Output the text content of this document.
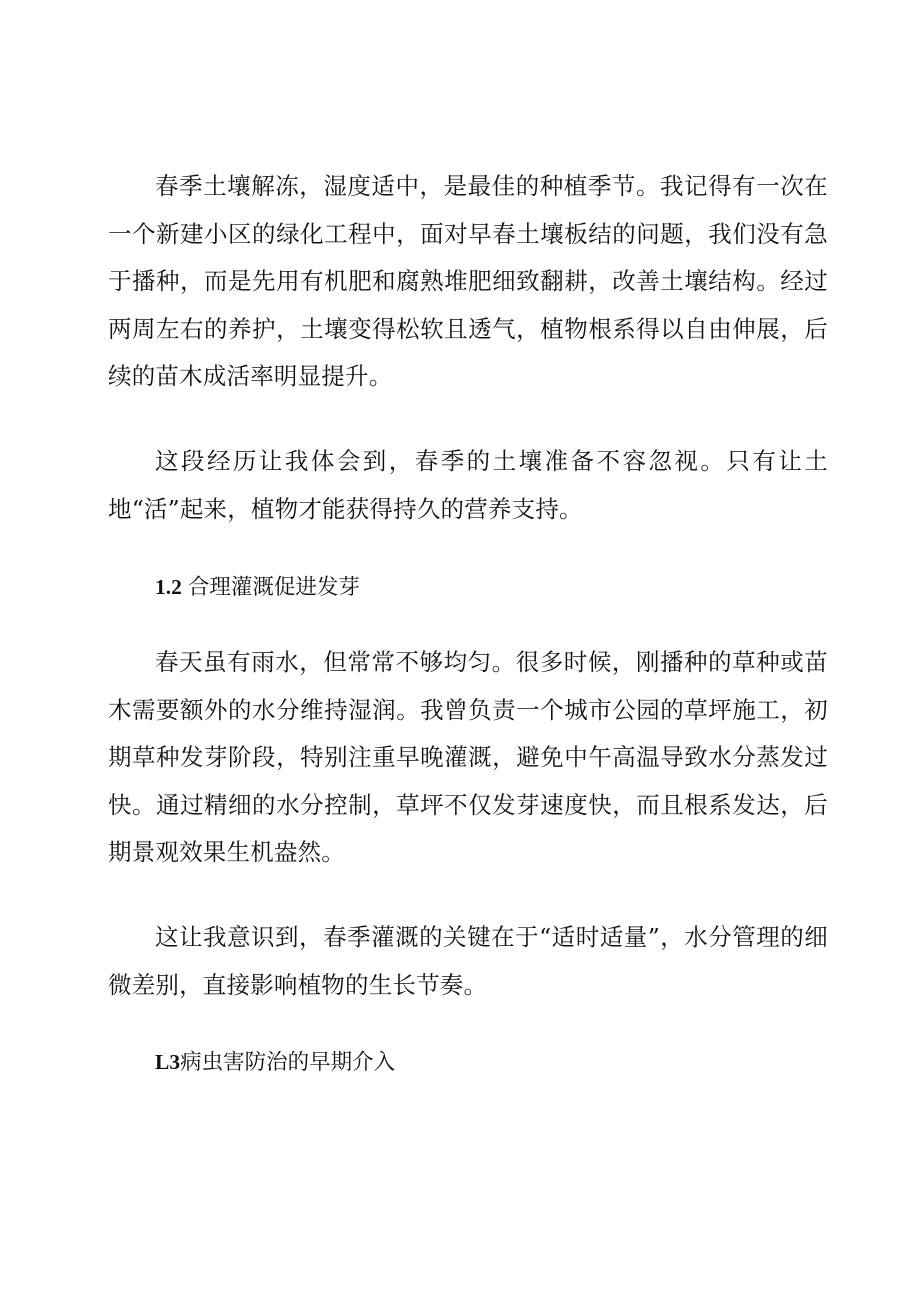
春季土壤解冻，湿度适中，是最佳的种植季节。我记得有一次在一个新建小区的绿化工程中，面对早春土壤板结的问题，我们没有急于播种，而是先用有机肥和腐熟堆肥细致翻耕，改善土壤结构。经过两周左右的养护，土壤变得松软且透气，植物根系得以自由伸展，后续的苗木成活率明显提升。

这段经历让我体会到，春季的土壤准备不容忽视。只有让土地“活”起来，植物才能获得持久的营养支持。

1.2 合理灌溉促进发芽

春天虽有雨水，但常常不够均匀。很多时候，刚播种的草种或苗木需要额外的水分维持湿润。我曾负责一个城市公园的草坪施工，初期草种发芽阶段，特别注重早晚灌溉，避免中午高温导致水分蒸发过快。通过精细的水分控制，草坪不仅发芽速度快，而且根系发达，后期景观效果生机盎然。

这让我意识到，春季灌溉的关键在于“适时适量”，水分管理的细微差别，直接影响植物的生长节奏。

L3病虫害防治的早期介入
